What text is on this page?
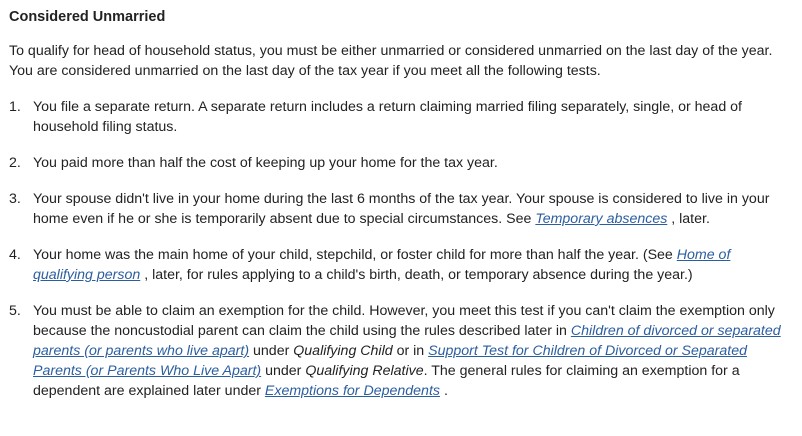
Considered Unmarried

To qualify for head of household status, you must be either unmarried or considered unmarried on the last day of the year. You are considered unmarried on the last day of the tax year if you meet all the following tests.

1. You file a separate return. A separate return includes a return claiming married filing separately, single, or head of household filing status.
2. You paid more than half the cost of keeping up your home for the tax year.
3. Your spouse didn't live in your home during the last 6 months of the tax year. Your spouse is considered to live in your home even if he or she is temporarily absent due to special circumstances. See Temporary absences , later.
4. Your home was the main home of your child, stepchild, or foster child for more than half the year. (See Home of qualifying person , later, for rules applying to a child's birth, death, or temporary absence during the year.)
5. You must be able to claim an exemption for the child. However, you meet this test if you can't claim the exemption only because the noncustodial parent can claim the child using the rules described later in Children of divorced or separated parents (or parents who live apart) under Qualifying Child or in Support Test for Children of Divorced or Separated Parents (or Parents Who Live Apart) under Qualifying Relative. The general rules for claiming an exemption for a dependent are explained later under Exemptions for Dependents .
